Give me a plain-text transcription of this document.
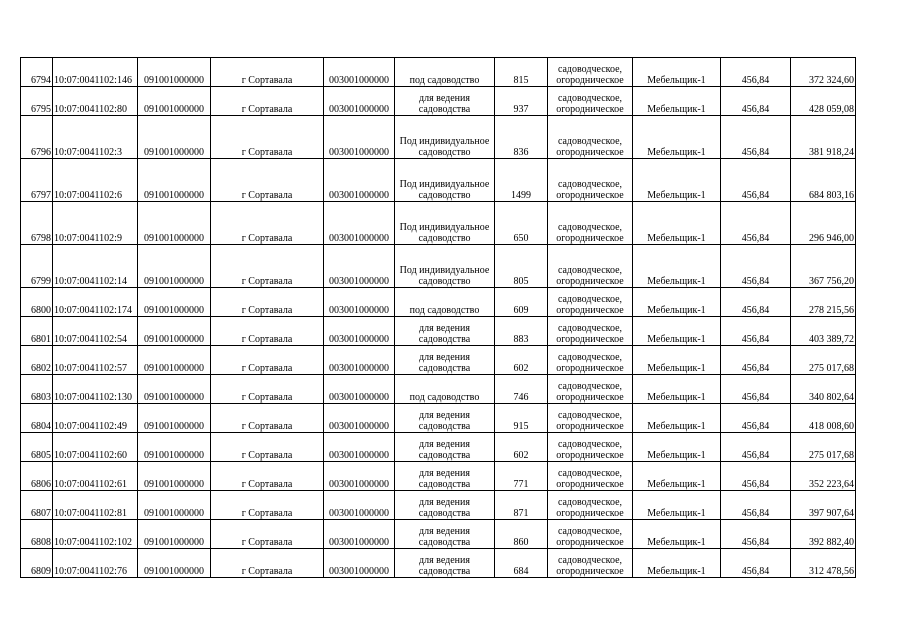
6794	10:07:0041102:146	091001000000	г Сортавала	003001000000	под садоводство	815	садоводческое,
огородническое	Мебельщик-1	456,84	372 324,60
6795	10:07:0041102:80	091001000000	г Сортавала	003001000000	для ведения
садоводства	937	садоводческое,
огородническое	Мебельщик-1	456,84	428 059,08
6796	10:07:0041102:3	091001000000	г Сортавала	003001000000	Под индивидуальное
садоводство	836	садоводческое,
огородническое	Мебельщик-1	456,84	381 918,24
6797	10:07:0041102:6	091001000000	г Сортавала	003001000000	Под индивидуальное
садоводство	1499	садоводческое,
огородническое	Мебельщик-1	456,84	684 803,16
6798	10:07:0041102:9	091001000000	г Сортавала	003001000000	Под индивидуальное
садоводство	650	садоводческое,
огородническое	Мебельщик-1	456,84	296 946,00
6799	10:07:0041102:14	091001000000	г Сортавала	003001000000	Под индивидуальное
садоводство	805	садоводческое,
огородническое	Мебельщик-1	456,84	367 756,20
6800	10:07:0041102:174	091001000000	г Сортавала	003001000000	под садоводство	609	садоводческое,
огородническое	Мебельщик-1	456,84	278 215,56
6801	10:07:0041102:54	091001000000	г Сортавала	003001000000	для ведения
садоводства	883	садоводческое,
огородническое	Мебельщик-1	456,84	403 389,72
6802	10:07:0041102:57	091001000000	г Сортавала	003001000000	для ведения
садоводства	602	садоводческое,
огородническое	Мебельщик-1	456,84	275 017,68
6803	10:07:0041102:130	091001000000	г Сортавала	003001000000	под садоводство	746	садоводческое,
огородническое	Мебельщик-1	456,84	340 802,64
6804	10:07:0041102:49	091001000000	г Сортавала	003001000000	для ведения
садоводства	915	садоводческое,
огородническое	Мебельщик-1	456,84	418 008,60
6805	10:07:0041102:60	091001000000	г Сортавала	003001000000	для ведения
садоводства	602	садоводческое,
огородническое	Мебельщик-1	456,84	275 017,68
6806	10:07:0041102:61	091001000000	г Сортавала	003001000000	для ведения
садоводства	771	садоводческое,
огородническое	Мебельщик-1	456,84	352 223,64
6807	10:07:0041102:81	091001000000	г Сортавала	003001000000	для ведения
садоводства	871	садоводческое,
огородническое	Мебельщик-1	456,84	397 907,64
6808	10:07:0041102:102	091001000000	г Сортавала	003001000000	для ведения
садоводства	860	садоводческое,
огородническое	Мебельщик-1	456,84	392 882,40
6809	10:07:0041102:76	091001000000	г Сортавала	003001000000	для ведения
садоводства	684	садоводческое,
огородническое	Мебельщик-1	456,84	312 478,56
